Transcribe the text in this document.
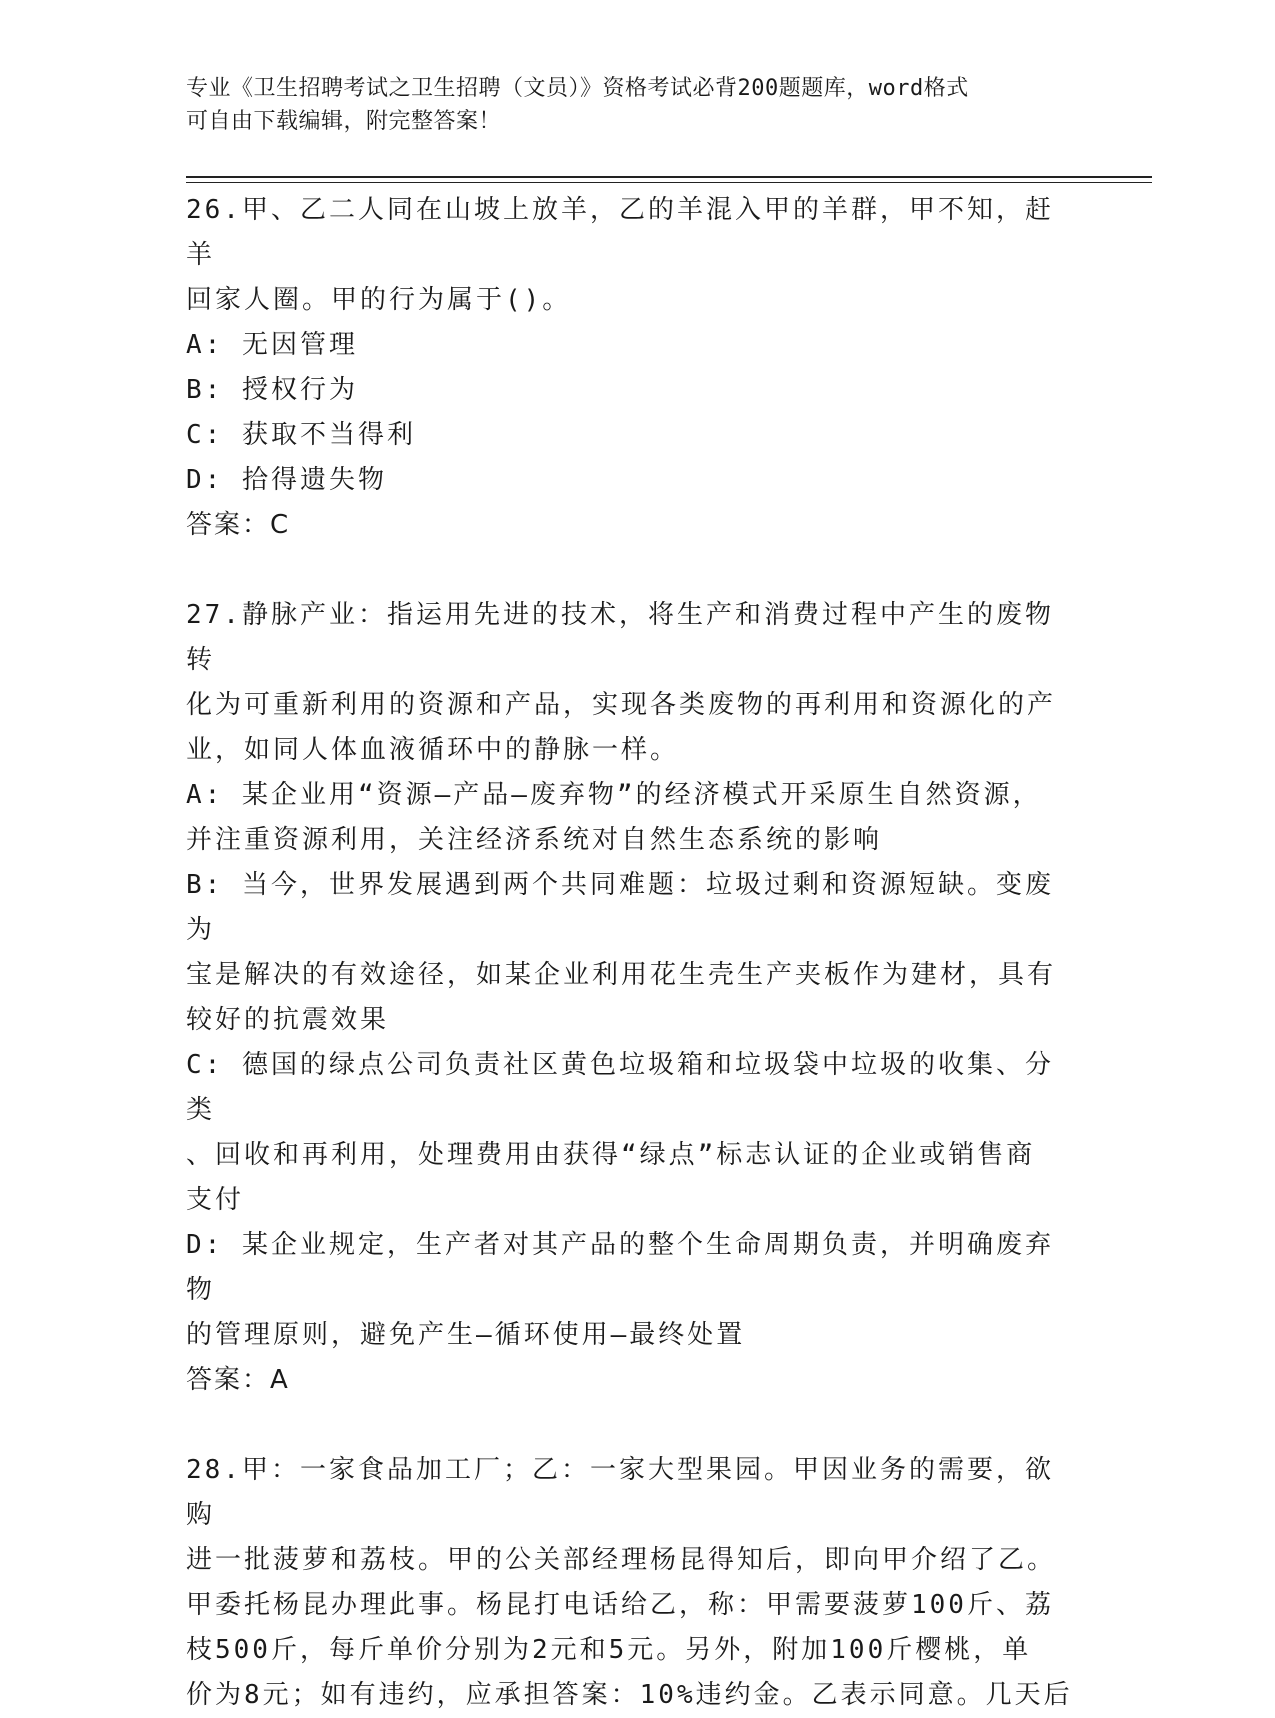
专业《卫生招聘考试之卫生招聘（文员）》资格考试必背200题题库，word格式
可自由下载编辑，附完整答案！
26.甲、乙二人同在山坡上放羊，乙的羊混入甲的羊群，甲不知，赶羊
回家人圈。甲的行为属于()。
A: 无因管理
B: 授权行为
C: 获取不当得利
D: 拾得遗失物
答案：C
27.静脉产业：指运用先进的技术，将生产和消费过程中产生的废物转
化为可重新利用的资源和产品，实现各类废物的再利用和资源化的产
业，如同人体血液循环中的静脉一样。
A: 某企业用“资源—产品—废弃物”的经济模式开采原生自然资源，
并注重资源利用，关注经济系统对自然生态系统的影响
B: 当今，世界发展遇到两个共同难题：垃圾过剩和资源短缺。变废为
宝是解决的有效途径，如某企业利用花生壳生产夹板作为建材，具有
较好的抗震效果
C: 德国的绿点公司负责社区黄色垃圾箱和垃圾袋中垃圾的收集、分类
、回收和再利用，处理费用由获得“绿点”标志认证的企业或销售商
支付
D: 某企业规定，生产者对其产品的整个生命周期负责，并明确废弃物
的管理原则，避免产生—循环使用—最终处置
答案：A
28.甲：一家食品加工厂；乙：一家大型果园。甲因业务的需要，欲购
进一批菠萝和荔枝。甲的公关部经理杨昆得知后，即向甲介绍了乙。
甲委托杨昆办理此事。杨昆打电话给乙，称：甲需要菠萝100斤、荔
枝500斤，每斤单价分别为2元和5元。另外，附加100斤樱桃，单
价为8元；如有违约，应承担答案：10%违约金。乙表示同意。几天后
